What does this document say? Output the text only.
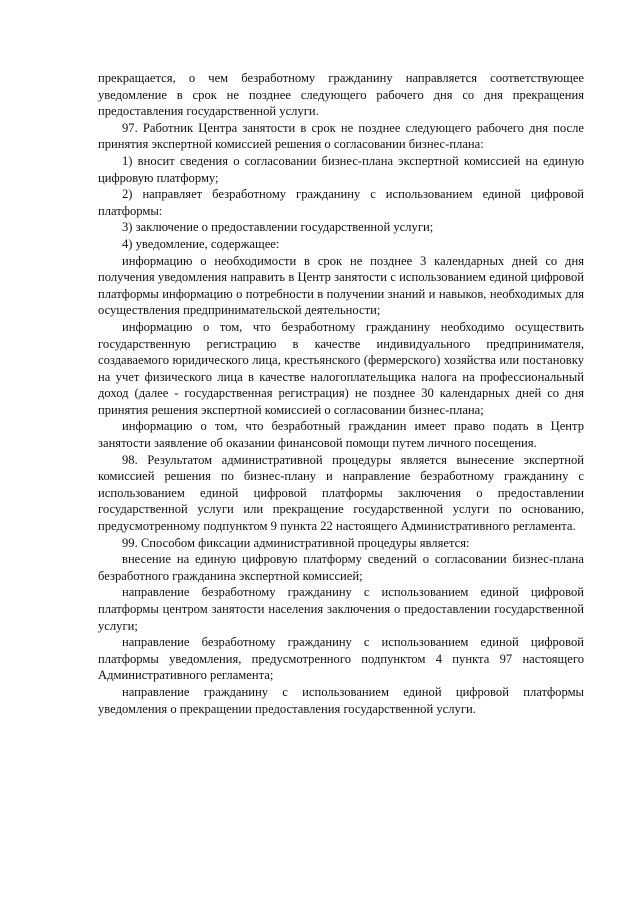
прекращается, о чем безработному гражданину направляется соответствующее уведомление в срок не позднее следующего рабочего дня со дня прекращения предоставления государственной услуги.

97. Работник Центра занятости в срок не позднее следующего рабочего дня после принятия экспертной комиссией решения о согласовании бизнес-плана:

1) вносит сведения о согласовании бизнес-плана экспертной комиссией на единую цифровую платформу;

2) направляет безработному гражданину с использованием единой цифровой платформы:

3) заключение о предоставлении государственной услуги;

4) уведомление, содержащее:

информацию о необходимости в срок не позднее 3 календарных дней со дня получения уведомления направить в Центр занятости с использованием единой цифровой платформы информацию о потребности в получении знаний и навыков, необходимых для осуществления предпринимательской деятельности;

информацию о том, что безработному гражданину необходимо осуществить государственную регистрацию в качестве индивидуального предпринимателя, создаваемого юридического лица, крестьянского (фермерского) хозяйства или постановку на учет физического лица в качестве налогоплательщика налога на профессиональный доход (далее - государственная регистрация) не позднее 30 календарных дней со дня принятия решения экспертной комиссией о согласовании бизнес-плана;

информацию о том, что безработный гражданин имеет право подать в Центр занятости заявление об оказании финансовой помощи путем личного посещения.

98. Результатом административной процедуры является вынесение экспертной комиссией решения по бизнес-плану и направление безработному гражданину с использованием единой цифровой платформы заключения о предоставлении государственной услуги или прекращение государственной услуги по основанию, предусмотренному подпунктом 9 пункта 22 настоящего Административного регламента.

99. Способом фиксации административной процедуры является:

внесение на единую цифровую платформу сведений о согласовании бизнес-плана безработного гражданина экспертной комиссией;

направление безработному гражданину с использованием единой цифровой платформы центром занятости населения заключения о предоставлении государственной услуги;

направление безработному гражданину с использованием единой цифровой платформы уведомления, предусмотренного подпунктом 4 пункта 97 настоящего Административного регламента;

направление гражданину с использованием единой цифровой платформы уведомления о прекращении предоставления государственной услуги.
